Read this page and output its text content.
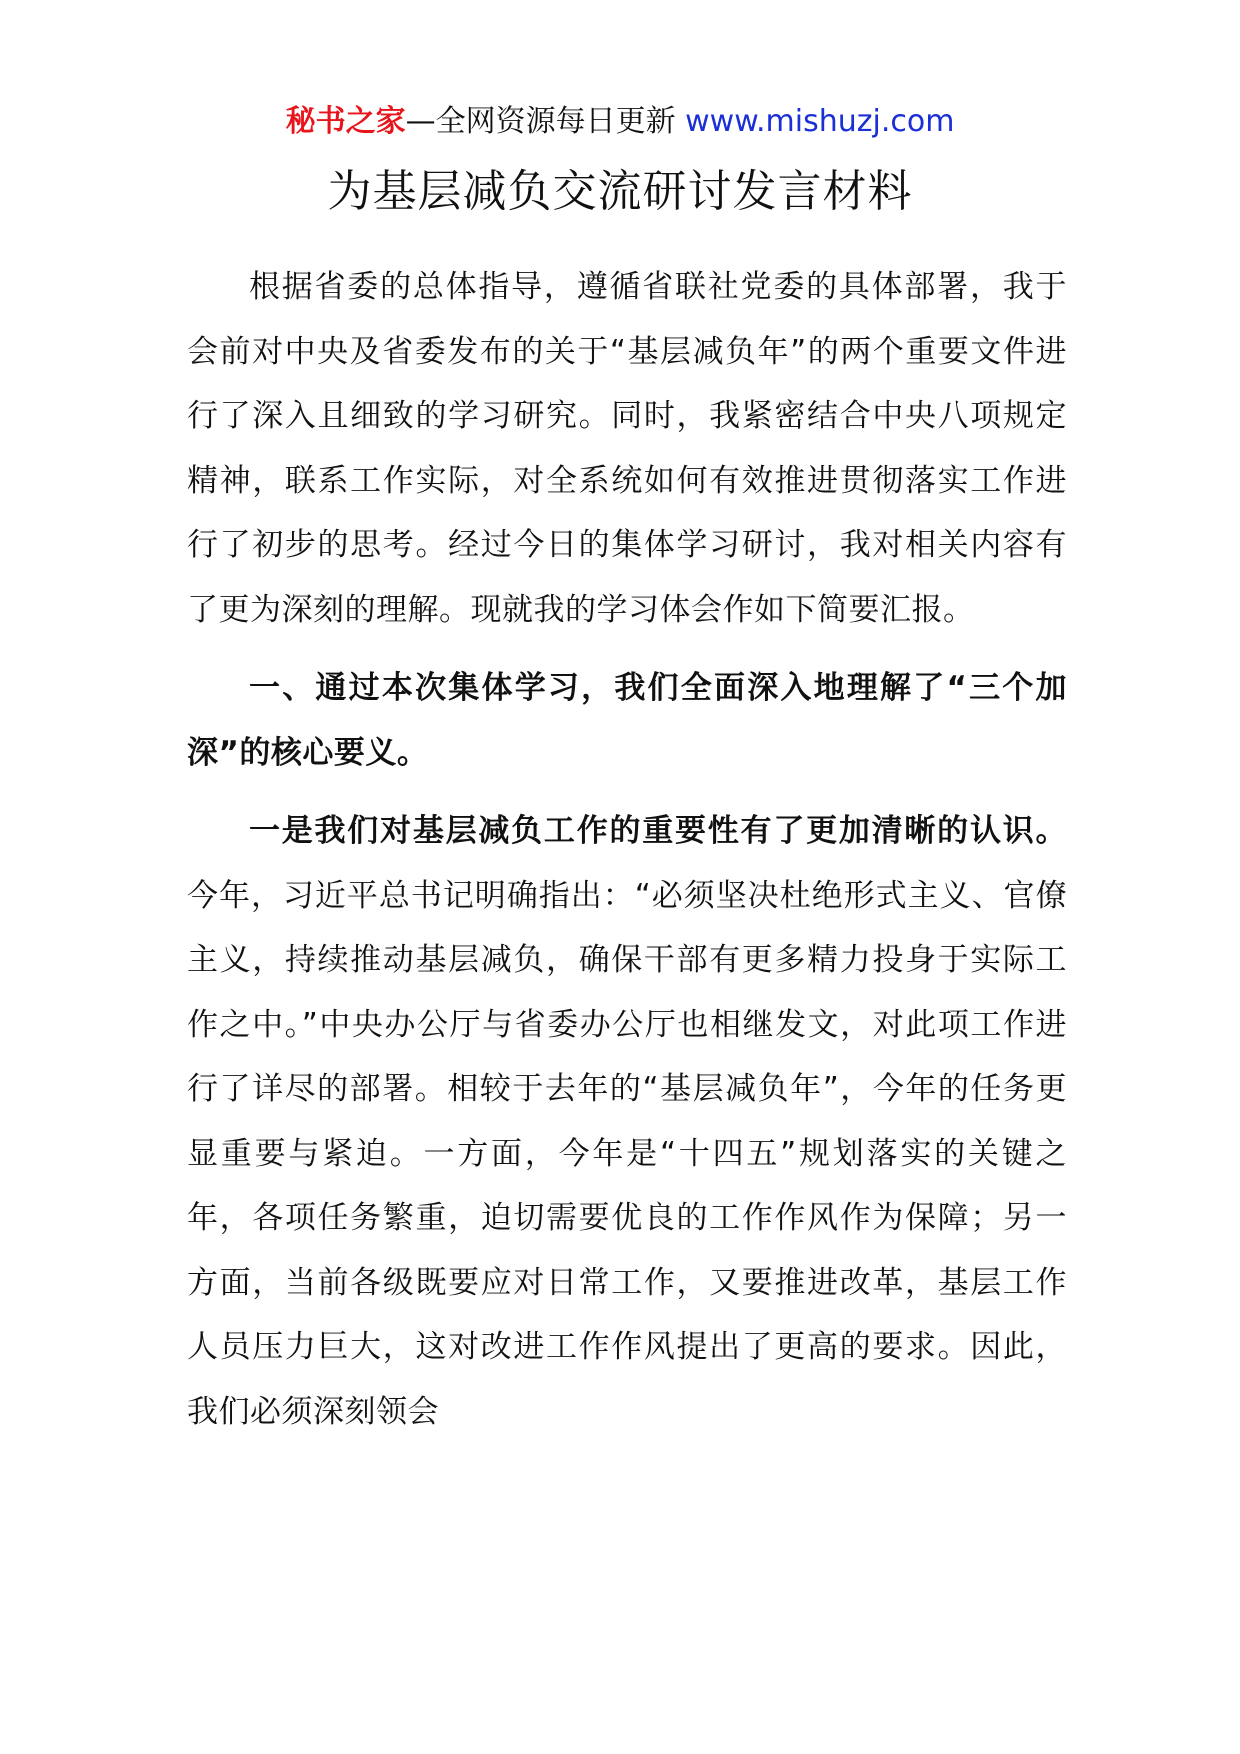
秘书之家—全网资源每日更新 www.mishuzj.com
为基层减负交流研讨发言材料

根据省委的总体指导，遵循省联社党委的具体部署，我于会前对中央及省委发布的关于“基层减负年”的两个重要文件进行了深入且细致的学习研究。同时，我紧密结合中央八项规定精神，联系工作实际，对全系统如何有效推进贯彻落实工作进行了初步的思考。经过今日的集体学习研讨，我对相关内容有了更为深刻的理解。现就我的学习体会作如下简要汇报。

一、通过本次集体学习，我们全面深入地理解了“三个加深”的核心要义。

一是我们对基层减负工作的重要性有了更加清晰的认识。今年，习近平总书记明确指出：“必须坚决杜绝形式主义、官僚主义，持续推动基层减负，确保干部有更多精力投身于实际工作之中。”中央办公厅与省委办公厅也相继发文，对此项工作进行了详尽的部署。相较于去年的“基层减负年”，今年的任务更显重要与紧迫。一方面，今年是“十四五”规划落实的关键之年，各项任务繁重，迫切需要优良的工作作风作为保障；另一方面，当前各级既要应对日常工作，又要推进改革，基层工作人员压力巨大，这对改进工作作风提出了更高的要求。因此，我们必须深刻领会
